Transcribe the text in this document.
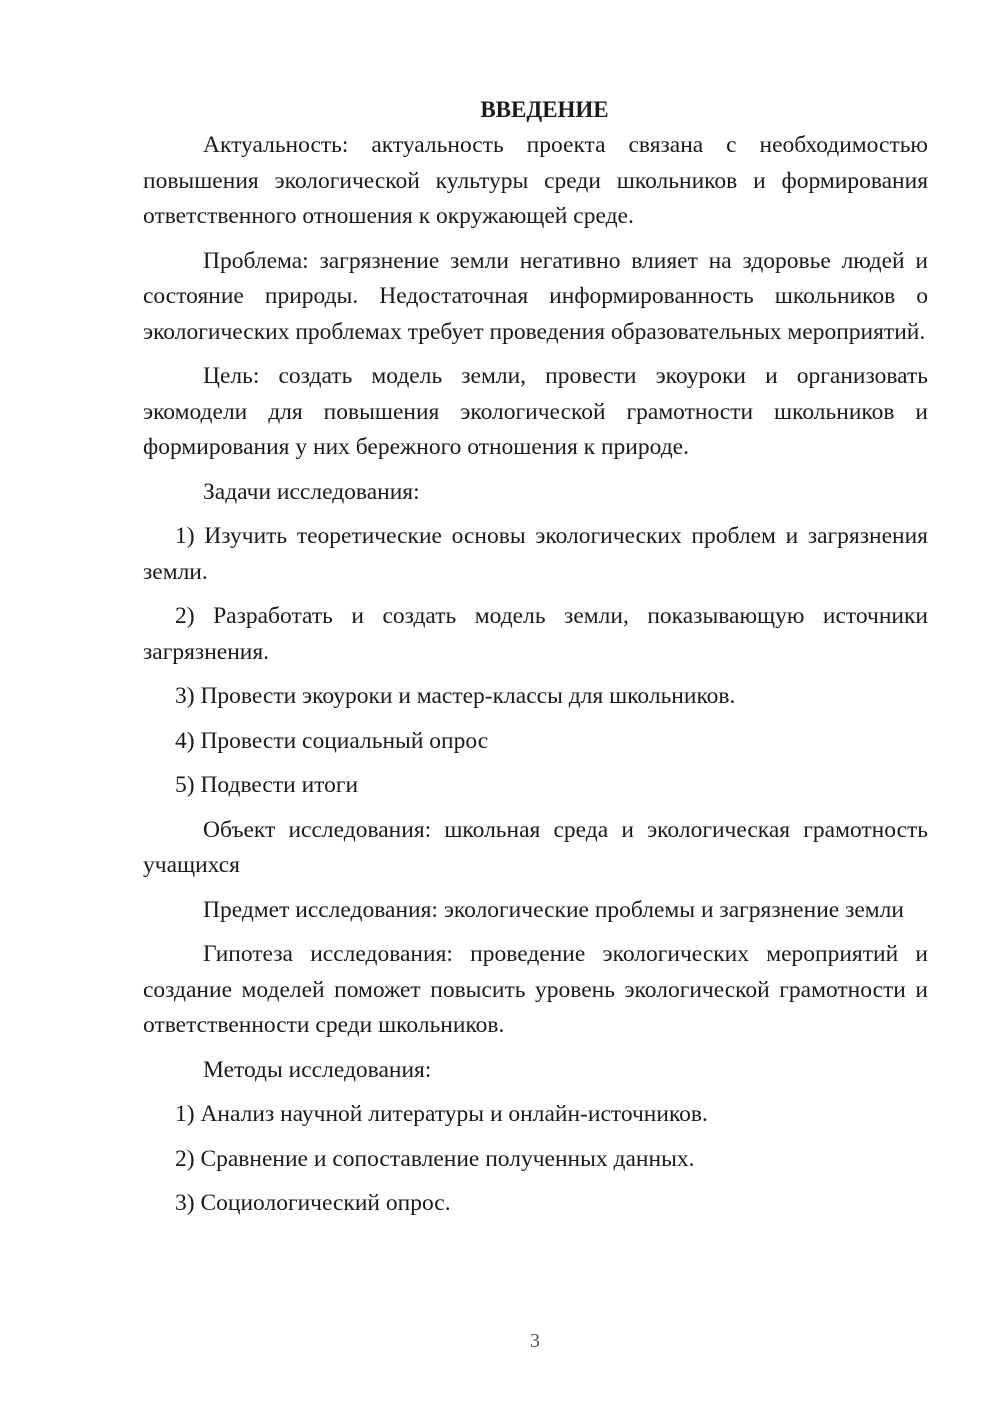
ВВЕДЕНИЕ

Актуальность: актуальность проекта связана с необходимостью повышения экологической культуры среди школьников и формирования ответственного отношения к окружающей среде.

Проблема: загрязнение земли негативно влияет на здоровье людей и состояние природы. Недостаточная информированность школьников о экологических проблемах требует проведения образовательных мероприятий.

Цель: создать модель земли, провести экоуроки и организовать экомодели для повышения экологической грамотности школьников и формирования у них бережного отношения к природе.

Задачи исследования:

1) Изучить теоретические основы экологических проблем и загрязнения земли.

2) Разработать и создать модель земли, показывающую источники загрязнения.

3) Провести экоуроки и мастер-классы для школьников.

4) Провести социальный опрос

5) Подвести итоги

Объект исследования: школьная среда и экологическая грамотность учащихся

Предмет исследования: экологические проблемы и загрязнение земли

Гипотеза исследования: проведение экологических мероприятий и создание моделей поможет повысить уровень экологической грамотности и ответственности среди школьников.

Методы исследования:

1) Анализ научной литературы и онлайн-источников.

2) Сравнение и сопоставление полученных данных.

3) Социологический опрос.

3
